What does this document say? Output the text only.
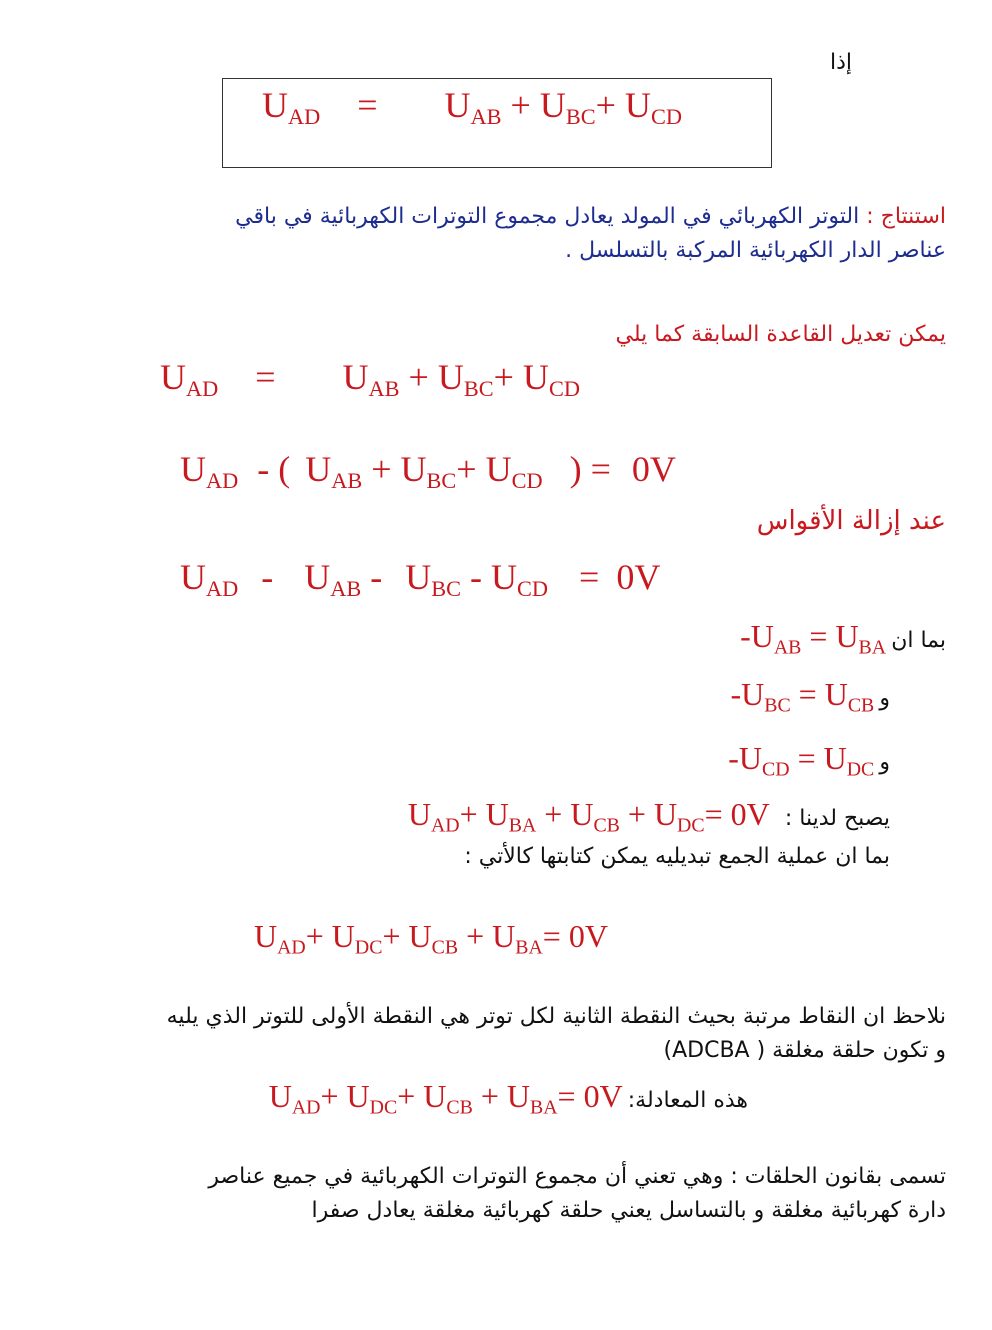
إذا
$U_{AD} = U_{AB} + U_{BC}+ U_{CD}$
استنتاج : التوتر الكهربائي في المولد يعادل مجموع التوترات الكهربائية في باقي
عناصر الدار الكهربائية المركبة بالتسلسل .
يمكن تعديل القاعدة السابقة كما يلي
$U_{AD} = U_{AB} + U_{BC}+ U_{CD}$
$U_{AD}$ - ( $U_{AB} + U_{BC}+ U_{CD}$ ) = 0V
عند إزالة الأقواس
$U_{AD} - U_{AB} - U_{BC} - U_{CD} = 0V$
$-U_{AB} = U_{BA}$ بما ان
$-U_{BC} = U_{CB}$ و
$-U_{CD} = U_{DC}$ و
$U_{AD}+ U_{BA} + U_{CB} + U_{DC}= 0V$ يصبح لدينا :
بما ان عملية الجمع تبديليه يمكن كتابتها كالأتي :
$U_{AD}+ U_{DC}+ U_{CB} + U_{BA}= 0V$
نلاحظ ان النقاط مرتبة بحيث النقطة الثانية لكل توتر هي النقطة الأولى للتوتر الذي يليه
و تكون حلقة مغلقة ( ADCBA)
$U_{AD}+ U_{DC}+ U_{CB} + U_{BA}= 0V$ هذه المعادلة:
تسمى بقانون الحلقات : وهي تعني أن مجموع التوترات الكهربائية في جميع عناصر
دارة كهربائية مغلقة و بالتساسل يعني حلقة كهربائية مغلقة يعادل صفرا
